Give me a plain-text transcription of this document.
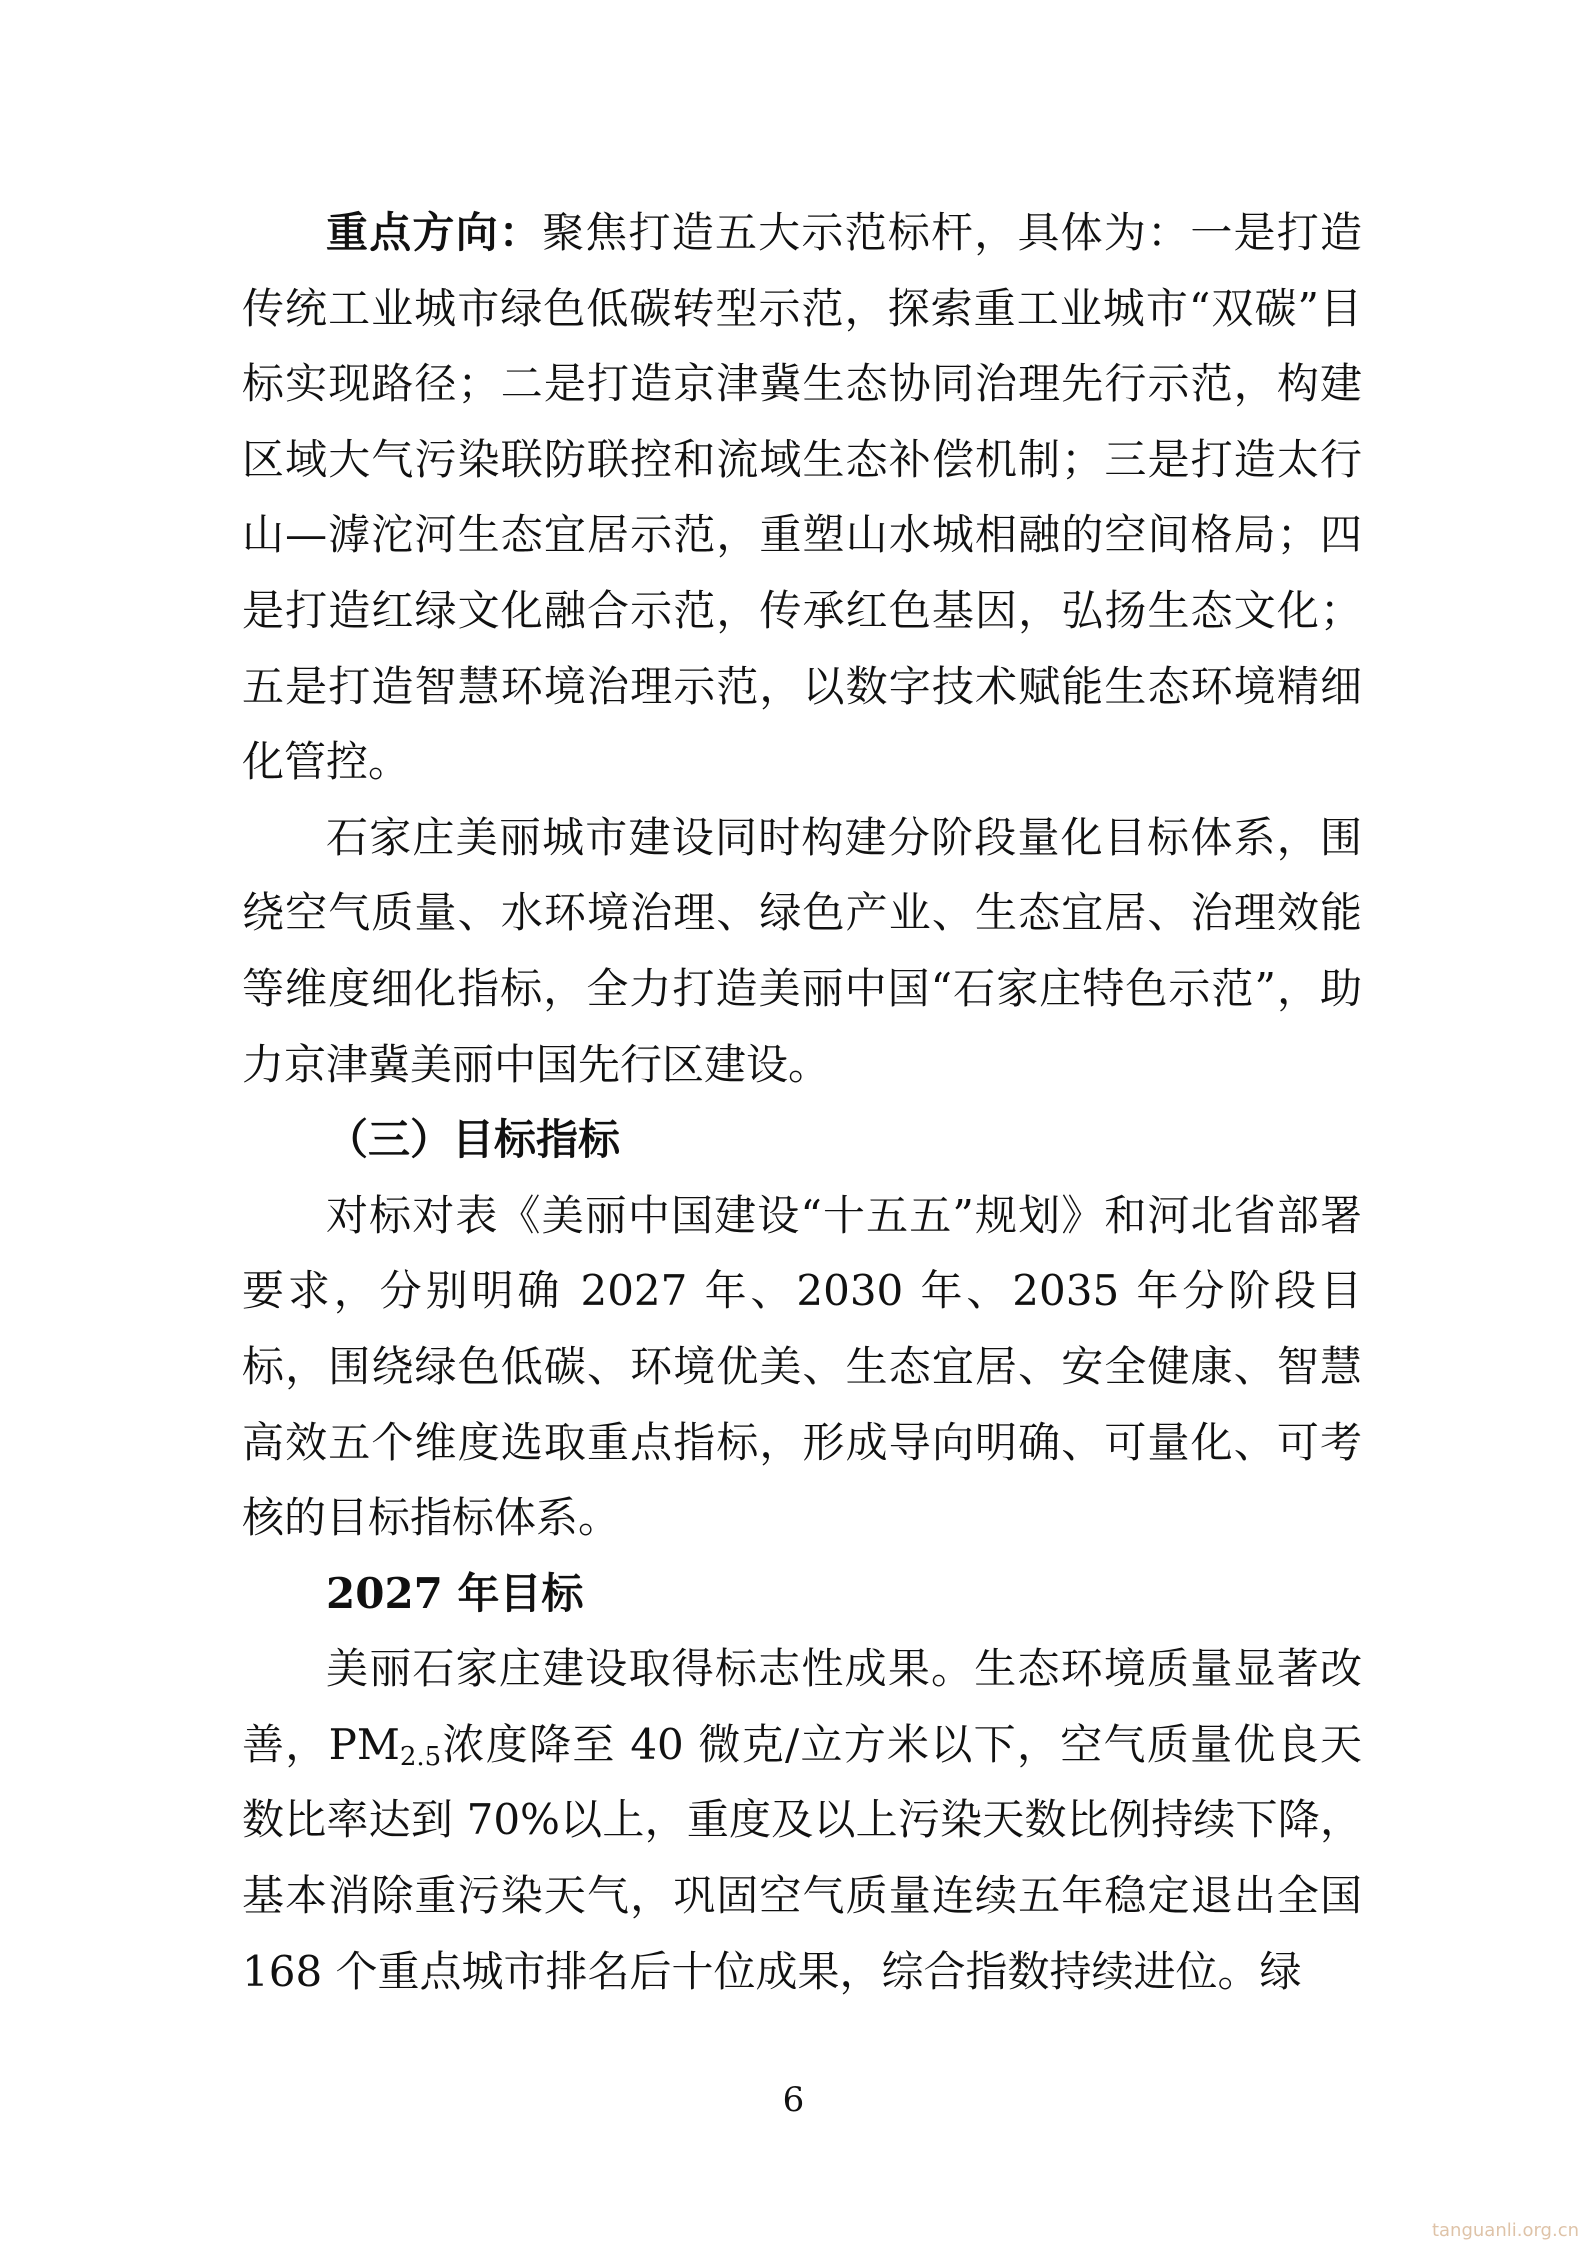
重点方向：聚焦打造五大示范标杆，具体为：一是打造传统工业城市绿色低碳转型示范，探索重工业城市“双碳”目标实现路径；二是打造京津冀生态协同治理先行示范，构建区域大气污染联防联控和流域生态补偿机制；三是打造太行山—滹沱河生态宜居示范，重塑山水城相融的空间格局；四是打造红绿文化融合示范，传承红色基因，弘扬生态文化；五是打造智慧环境治理示范，以数字技术赋能生态环境精细化管控。

石家庄美丽城市建设同时构建分阶段量化目标体系，围绕空气质量、水环境治理、绿色产业、生态宜居、治理效能等维度细化指标，全力打造美丽中国“石家庄特色示范”，助力京津冀美丽中国先行区建设。

（三）目标指标

对标对表《美丽中国建设“十五五”规划》和河北省部署要求，分别明确 2027 年、2030 年、2035 年分阶段目标，围绕绿色低碳、环境优美、生态宜居、安全健康、智慧高效五个维度选取重点指标，形成导向明确、可量化、可考核的目标指标体系。

2027 年目标

美丽石家庄建设取得标志性成果。生态环境质量显著改善，$PM_{2.5}$浓度降至 40 微克/立方米以下，空气质量优良天数比率达到 70%以上，重度及以上污染天数比例持续下降，基本消除重污染天气，巩固空气质量连续五年稳定退出全国 168 个重点城市排名后十位成果，综合指数持续进位。绿

6
tanguanli.org.cn
